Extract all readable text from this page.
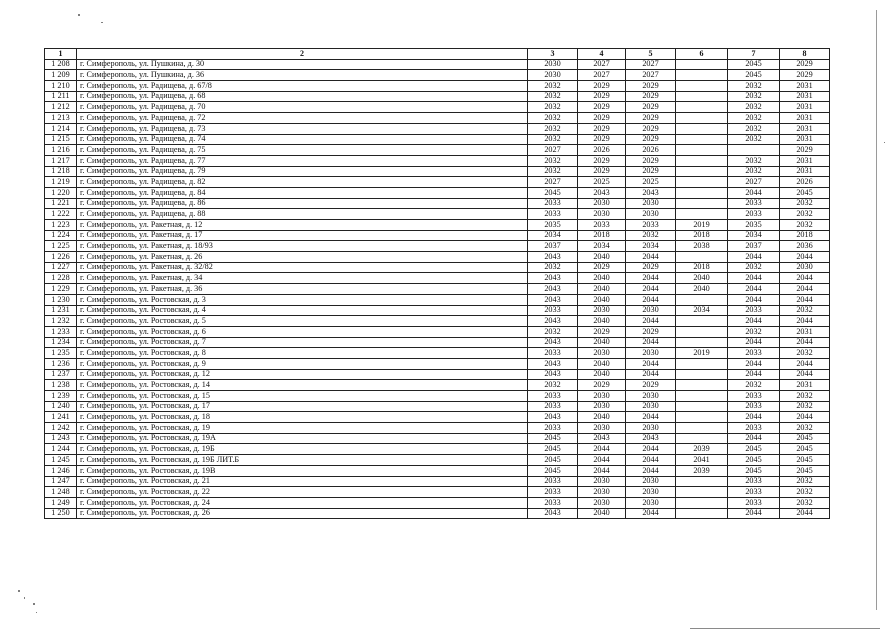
1	2	3	4	5	6	7	8
1 208	г. Симферополь, ул. Пушкина, д. 30	2030	2027	2027		2045	2029
1 209	г. Симферополь, ул. Пушкина, д. 36	2030	2027	2027		2045	2029
1 210	г. Симферополь, ул. Радищева, д. 67/8	2032	2029	2029		2032	2031
1 211	г. Симферополь, ул. Радищева, д. 68	2032	2029	2029		2032	2031
1 212	г. Симферополь, ул. Радищева, д. 70	2032	2029	2029		2032	2031
1 213	г. Симферополь, ул. Радищева, д. 72	2032	2029	2029		2032	2031
1 214	г. Симферополь, ул. Радищева, д. 73	2032	2029	2029		2032	2031
1 215	г. Симферополь, ул. Радищева, д. 74	2032	2029	2029		2032	2031
1 216	г. Симферополь, ул. Радищева, д. 75	2027	2026	2026			2029
1 217	г. Симферополь, ул. Радищева, д. 77	2032	2029	2029		2032	2031
1 218	г. Симферополь, ул. Радищева, д. 79	2032	2029	2029		2032	2031
1 219	г. Симферополь, ул. Радищева, д. 82	2027	2025	2025		2027	2026
1 220	г. Симферополь, ул. Радищева, д. 84	2045	2043	2043		2044	2045
1 221	г. Симферополь, ул. Радищева, д. 86	2033	2030	2030		2033	2032
1 222	г. Симферополь, ул. Радищева, д. 88	2033	2030	2030		2033	2032
1 223	г. Симферополь, ул. Ракетная, д. 12	2035	2033	2033	2019	2035	2032
1 224	г. Симферополь, ул. Ракетная, д. 17	2034	2018	2032	2018	2034	2018
1 225	г. Симферополь, ул. Ракетная, д. 18/93	2037	2034	2034	2038	2037	2036
1 226	г. Симферополь, ул. Ракетная, д. 26	2043	2040	2044		2044	2044
1 227	г. Симферополь, ул. Ракетная, д. 32/82	2032	2029	2029	2018	2032	2030
1 228	г. Симферополь, ул. Ракетная, д. 34	2043	2040	2044	2040	2044	2044
1 229	г. Симферополь, ул. Ракетная, д. 36	2043	2040	2044	2040	2044	2044
1 230	г. Симферополь, ул. Ростовская, д. 3	2043	2040	2044		2044	2044
1 231	г. Симферополь, ул. Ростовская, д. 4	2033	2030	2030	2034	2033	2032
1 232	г. Симферополь, ул. Ростовская, д. 5	2043	2040	2044		2044	2044
1 233	г. Симферополь, ул. Ростовская, д. 6	2032	2029	2029		2032	2031
1 234	г. Симферополь, ул. Ростовская, д. 7	2043	2040	2044		2044	2044
1 235	г. Симферополь, ул. Ростовская, д. 8	2033	2030	2030	2019	2033	2032
1 236	г. Симферополь, ул. Ростовская, д. 9	2043	2040	2044		2044	2044
1 237	г. Симферополь, ул. Ростовская, д. 12	2043	2040	2044		2044	2044
1 238	г. Симферополь, ул. Ростовская, д. 14	2032	2029	2029		2032	2031
1 239	г. Симферополь, ул. Ростовская, д. 15	2033	2030	2030		2033	2032
1 240	г. Симферополь, ул. Ростовская, д. 17	2033	2030	2030		2033	2032
1 241	г. Симферополь, ул. Ростовская, д. 18	2043	2040	2044		2044	2044
1 242	г. Симферополь, ул. Ростовская, д. 19	2033	2030	2030		2033	2032
1 243	г. Симферополь, ул. Ростовская, д. 19А	2045	2043	2043		2044	2045
1 244	г. Симферополь, ул. Ростовская, д. 19Б	2045	2044	2044	2039	2045	2045
1 245	г. Симферополь, ул. Ростовская, д. 19Б ЛИТ.Б	2045	2044	2044	2041	2045	2045
1 246	г. Симферополь, ул. Ростовская, д. 19В	2045	2044	2044	2039	2045	2045
1 247	г. Симферополь, ул. Ростовская, д. 21	2033	2030	2030		2033	2032
1 248	г. Симферополь, ул. Ростовская, д. 22	2033	2030	2030		2033	2032
1 249	г. Симферополь, ул. Ростовская, д. 24	2033	2030	2030		2033	2032
1 250	г. Симферополь, ул. Ростовская, д. 26	2043	2040	2044		2044	2044
